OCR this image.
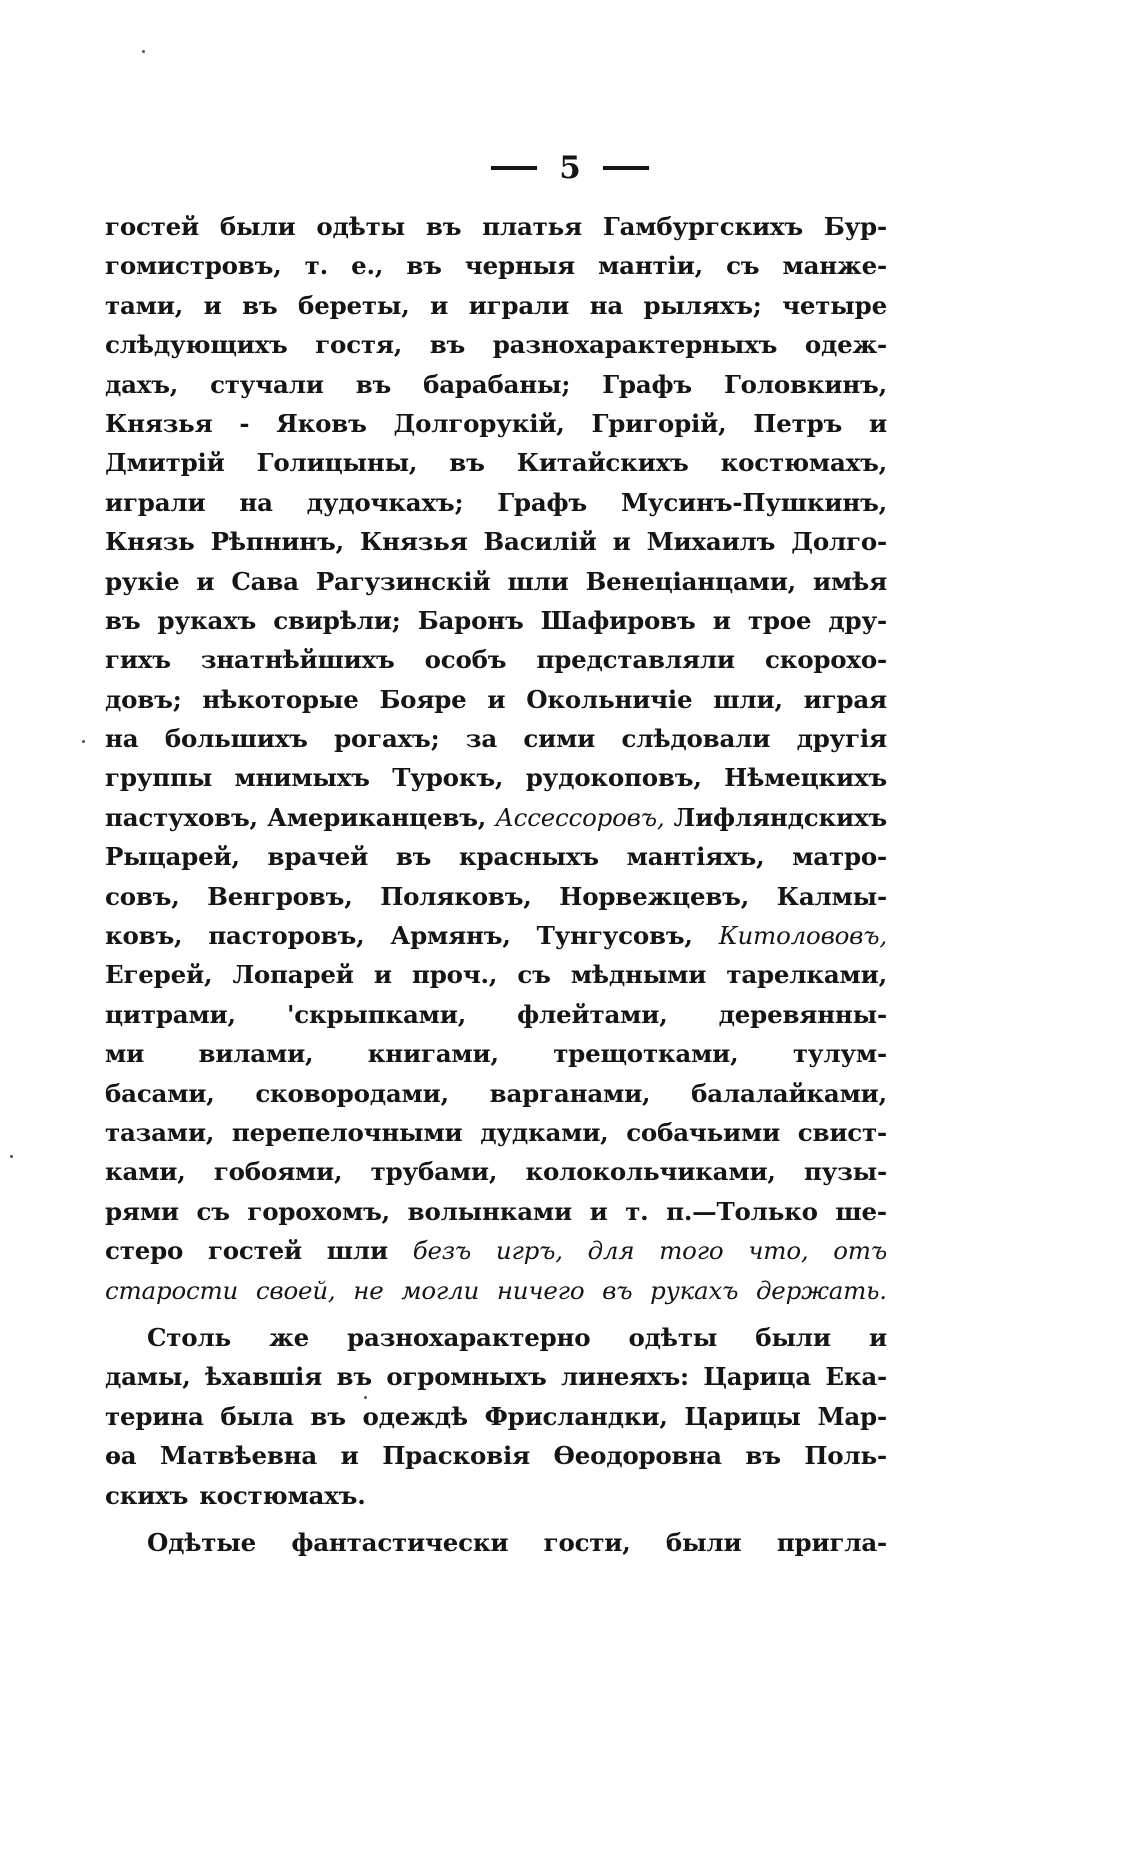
5
гостей были одѣты въ платья Гамбургскихъ Бур-
гомистровъ, т. е., въ черныя мантіи, съ манже-
тами, и въ береты, и играли на рыляхъ; четыре
слѣдующихъ гостя, въ разнохарактерныхъ одеж-
дахъ, стучали въ барабаны; Графъ Головкинъ,
Князья - Яковъ Долгорукій, Григорій, Петръ и
Дмитрій Голицыны, въ Китайскихъ костюмахъ,
играли на дудочкахъ; Графъ Мусинъ-Пушкинъ,
Князь Рѣпнинъ, Князья Василій и Михаилъ Долго-
рукіе и Сава Рагузинскій шли Венеціанцами, имѣя
въ рукахъ свирѣли; Баронъ Шафировъ и трое дру-
гихъ знатнѣйшихъ особъ представляли скорохо-
довъ; нѣкоторые Бояре и Окольничіе шли, играя
на большихъ рогахъ; за сими слѣдовали другія
группы мнимыхъ Турокъ, рудокоповъ, Нѣмецкихъ
пастуховъ, Американцевъ, Ассессоровъ, Лифляндскихъ
Рыцарей, врачей въ красныхъ мантіяхъ, матро-
совъ, Венгровъ, Поляковъ, Норвежцевъ, Калмы-
ковъ, пасторовъ, Армянъ, Тунгусовъ, Китолововъ,
Егерей, Лопарей и проч., съ мѣдными тарелками,
цитрами, 'скрыпками, флейтами, деревянны-
ми вилами, книгами, трещотками, тулум-
басами, сковородами, варганами, балалайками,
тазами, перепелочными дудками, собачьими свист-
ками, гобоями, трубами, колокольчиками, пузы-
рями съ горохомъ, волынками и т. п.—Только ше-
стеро гостей шли безъ игръ, для того что, отъ
старости своей, не могли ничего въ рукахъ держать.
Столь же разнохарактерно одѣты были и
дамы, ѣхавшія въ огромныхъ линеяхъ: Царица Ека-
терина была въ одеждѣ Фрисландки, Царицы Мар-
ѳа Матвѣевна и Прасковія Ѳеодоровна въ Поль-
скихъ костюмахъ.
Одѣтые фантастически гости, были пригла-
